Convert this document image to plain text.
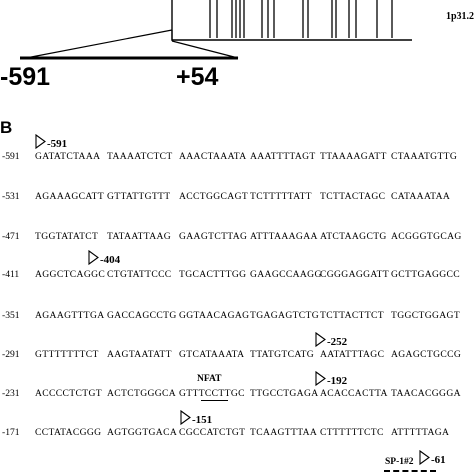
1p31.2
-591	+54
B
-591
-404
-252
-192
-151
-61
NFAT
SP-1#2
-591 GATATCTAAA TAAAATCTCT AAACTAAATA AAATTTTAGT TTAAAAGATT CTAAATGTTG
-531 AGAAAGCATT GTTATTGTTT ACCTGGCAGT TCTTTTTATT TCTTACTAGC CATAAATAA
-471 TGGTATATCT TATAATTAAG GAAGTCTTAG ATTTAAAGAA ATCTAAGCTG ACGGGTGCAG
-411 AGGCTCAGGC CTGTATTCCC TGCACTTTGG GAAGCCAAGG
CGGGAGGATT GCTTGAGGCC
-351 AGAAGTTTGA GACCAGCCTG GGTAACAGAG TGAGAGTCTG TCTTACTTCT TGGCTGGAGT
-291 GTTTTTTTCT AAGTAATATT GTCATAAATA TTATGTCATG AATATTTAGC AGAGCTGCCG
-231 ACCCCTCTGT ACTCTGGGCA GTTTCCTTGC TTGCCTGAGA ACACCACTTA TAACACGGGA
-171 CCTATACGGG AGTGGTGACA CGCCATCTGT TCAAGTTTAA CTTTTTTCTC ATTTTTAGA
